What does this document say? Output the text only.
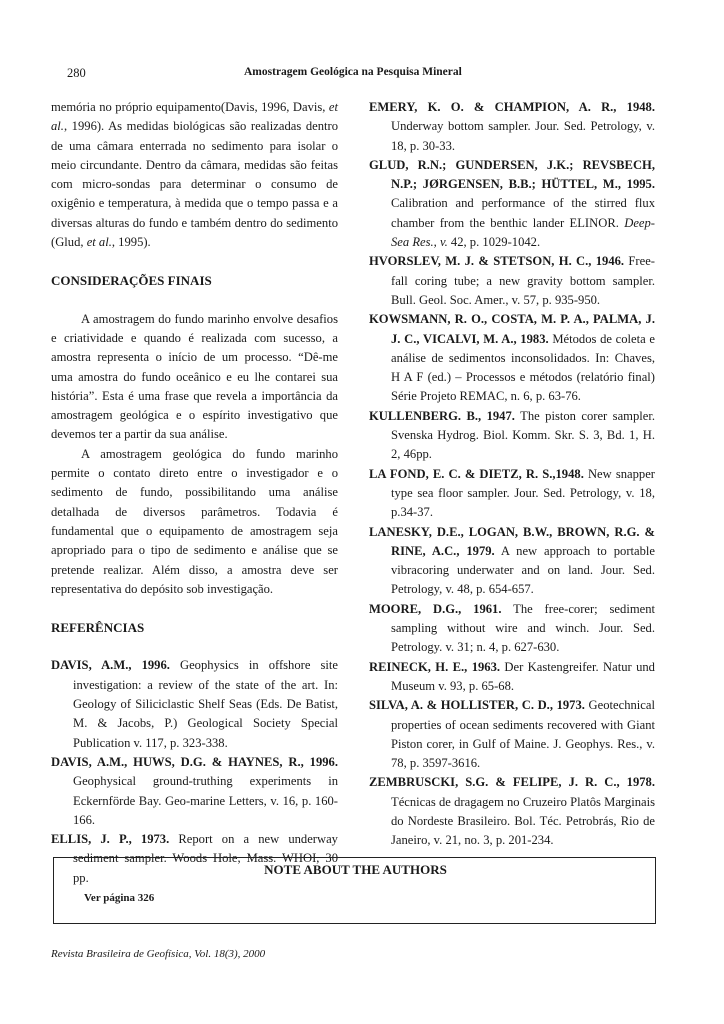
280	Amostragem Geológica na Pesquisa Mineral

memória no próprio equipamento(Davis, 1996, Davis, et al., 1996). As medidas biológicas são realizadas dentro de uma câmara enterrada no sedimento para isolar o meio circundante. Dentro da câmara, medidas são feitas com micro-sondas para determinar o consumo de oxigênio e temperatura, à medida que o tempo passa e a diversas alturas do fundo e também dentro do sedimento (Glud, et al., 1995).

CONSIDERAÇÕES FINAIS

A amostragem do fundo marinho envolve desafios e criatividade e quando é realizada com sucesso, a amostra representa o início de um processo. “Dê-me uma amostra do fundo oceânico e eu lhe contarei sua história”. Esta é uma frase que revela a importância da amostragem geológica e o espírito investigativo que devemos ter a partir da sua análise.

A amostragem geológica do fundo marinho permite o contato direto entre o investigador e o sedimento de fundo, possibilitando uma análise detalhada de diversos parâmetros. Todavia é fundamental que o equipamento de amostragem seja apropriado para o tipo de sedimento e análise que se pretende realizar. Além disso, a amostra deve ser representativa do depósito sob investigação.

REFERÊNCIAS

DAVIS, A.M., 1996. Geophysics in offshore site investigation: a review of the state of the art. In: Geology of Siliciclastic Shelf Seas (Eds. De Batist, M. & Jacobs, P.) Geological Society Special Publication v. 117, p. 323-338.

DAVIS, A.M., HUWS, D.G. & HAYNES, R., 1996. Geophysical ground-truthing experiments in Eckernförde Bay. Geo-marine Letters, v. 16, p. 160-166.

ELLIS, J. P., 1973. Report on a new underway sediment sampler. Woods Hole, Mass. WHOI, 30 pp.

EMERY, K. O. & CHAMPION, A. R., 1948. Underway bottom sampler. Jour. Sed. Petrology, v. 18, p. 30-33.

GLUD, R.N.; GUNDERSEN, J.K.; REVSBECH, N.P.; JØRGENSEN, B.B.; HÜTTEL, M., 1995. Calibration and performance of the stirred flux chamber from the benthic lander ELINOR. Deep-Sea Res., v. 42, p. 1029-1042.

HVORSLEV, M. J. & STETSON, H. C., 1946. Free-fall coring tube; a new gravity bottom sampler. Bull. Geol. Soc. Amer., v. 57, p. 935-950.

KOWSMANN, R. O., COSTA, M. P. A., PALMA, J. J. C., VICALVI, M. A., 1983. Métodos de coleta e análise de sedimentos inconsolidados. In: Chaves, H A F (ed.) – Processos e métodos (relatório final) Série Projeto REMAC, n. 6, p. 63-76.

KULLENBERG. B., 1947. The piston corer sampler. Svenska Hydrog. Biol. Komm. Skr. S. 3, Bd. 1, H. 2, 46pp.

LA FOND, E. C. & DIETZ, R. S.,1948. New snapper type sea floor sampler. Jour. Sed. Petrology, v. 18, p.34-37.

LANESKY, D.E., LOGAN, B.W., BROWN, R.G. & RINE, A.C., 1979. A new approach to portable vibracoring underwater and on land. Jour. Sed. Petrology, v. 48, p. 654-657.

MOORE, D.G., 1961. The free-corer; sediment sampling without wire and winch. Jour. Sed. Petrology. v. 31; n. 4, p. 627-630.

REINECK, H. E., 1963. Der Kastengreifer. Natur und Museum v. 93, p. 65-68.

SILVA, A. & HOLLISTER, C. D., 1973. Geotechnical properties of ocean sediments recovered with Giant Piston corer, in Gulf of Maine. J. Geophys. Res., v. 78, p. 3597-3616.

ZEMBRUSCKI, S.G. & FELIPE, J. R. C., 1978. Técnicas de dragagem no Cruzeiro Platôs Marginais do Nordeste Brasileiro. Bol. Téc. Petrobrás, Rio de Janeiro, v. 21, no. 3, p. 201-234.

NOTE ABOUT THE AUTHORS
Ver página 326
Revista Brasileira de Geofísica, Vol. 18(3), 2000
